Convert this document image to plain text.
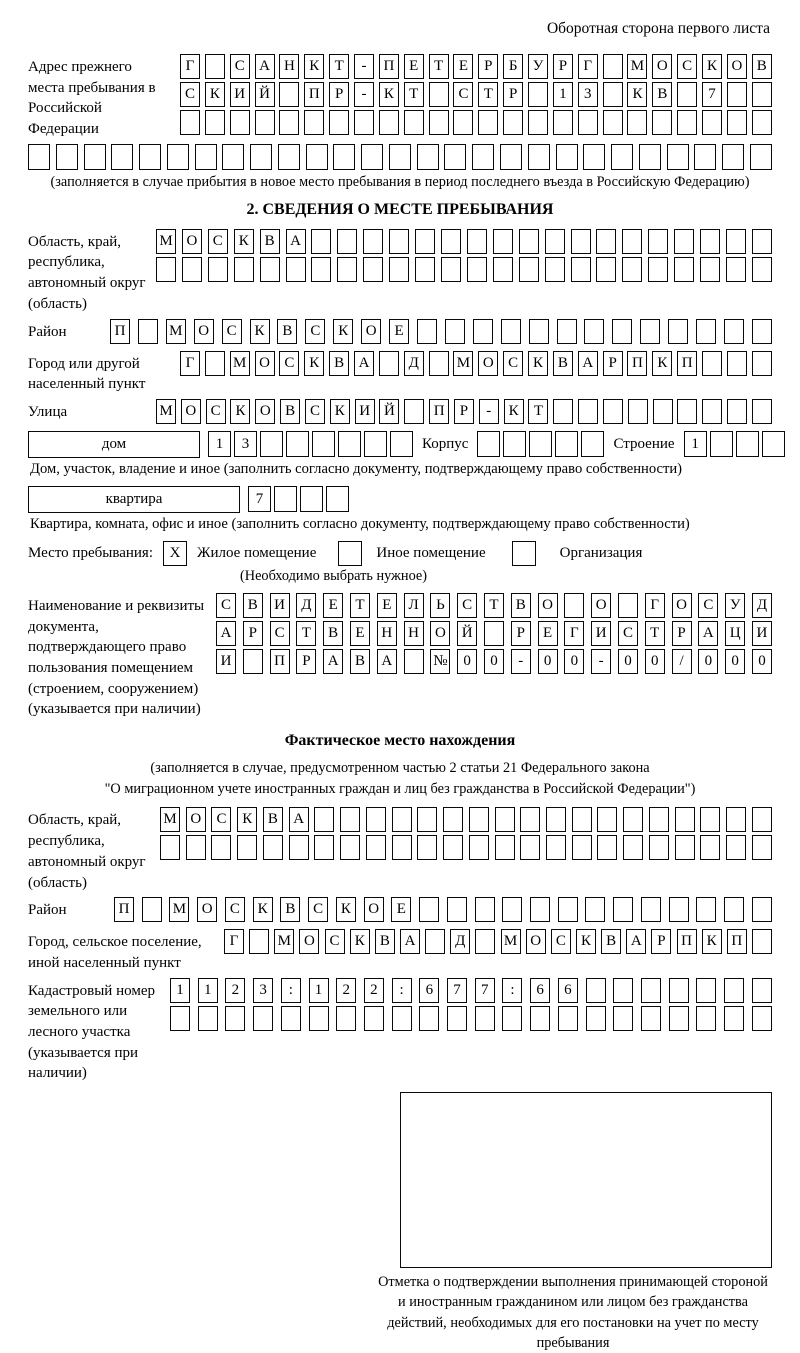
Оборотная сторона первого листа
Адрес прежнего места пребывания в Российской Федерации
Г	С А Н К	Т	-	П Е	Т	Е	Р	Б	У	Р	Г	М О С К О В
С К И Й	П	Р	-	К	Т	С	Т	Р	1	3	К В	7
(заполняется в случае прибытия в новое место пребывания в период последнего въезда в Российскую Федерацию)
2. СВЕДЕНИЯ О МЕСТЕ ПРЕБЫВАНИЯ
Область, край, республика, автономный округ (область)
М О	С	К	В	А
Район	П	М	О	С	К	В	С	К	О	Е
Город или другой населенный пункт
Г	М О С К В А	Д	М О С К В А	Р	П К П
Улица	М О С К О В С К И Й	П	Р	-	К	Т
дом	1	3	Корпус	Строение	1
Дом, участок, владение и иное (заполнить согласно документу, подтверждающему право собственности)
квартира	7
Квартира, комната, офис и иное (заполнить согласно документу, подтверждающему право собственности)
Место пребывания:	X	Жилое помещение	Иное помещение	Организация
(Необходимо выбрать нужное)
Наименование и реквизиты документа, подтверждающего право пользования помещением (строением, сооружением) (указывается при наличии)
С	В	И	Д	Е	Т	Е	Л	Ь	С	Т	В	О	О	Г	О	С	У	Д
А	Р	С	Т	В	Е	Н	Н	О	Й	Р	Е	Г	И	С	Т	Р	А	Ц	И
И	П	Р	А	В	А	№	0	0	-	0	0	-	0	0	/	0	0	0
Фактическое место нахождения
(заполняется в случае, предусмотренном частью 2 статьи 21 Федерального закона
"О миграционном учете иностранных граждан и лиц без гражданства в Российской Федерации")
Область, край, республика, автономный округ (область)
М О	С	К	В	А
Район	П	М	О	С	К	В	С	К	О	Е
Город, сельское поселение, иной населенный пункт
Г	М О С	К	В А	Д	М О С	К	В А	Р	П К П
Кадастровый номер земельного или лесного участка (указывается при наличии)
1	1	2	3	:	1	2	2	:	6	7	7	:	6	6
Отметка о подтверждении выполнения принимающей стороной и иностранным гражданином или лицом без гражданства действий, необходимых для его постановки на учет по месту пребывания
